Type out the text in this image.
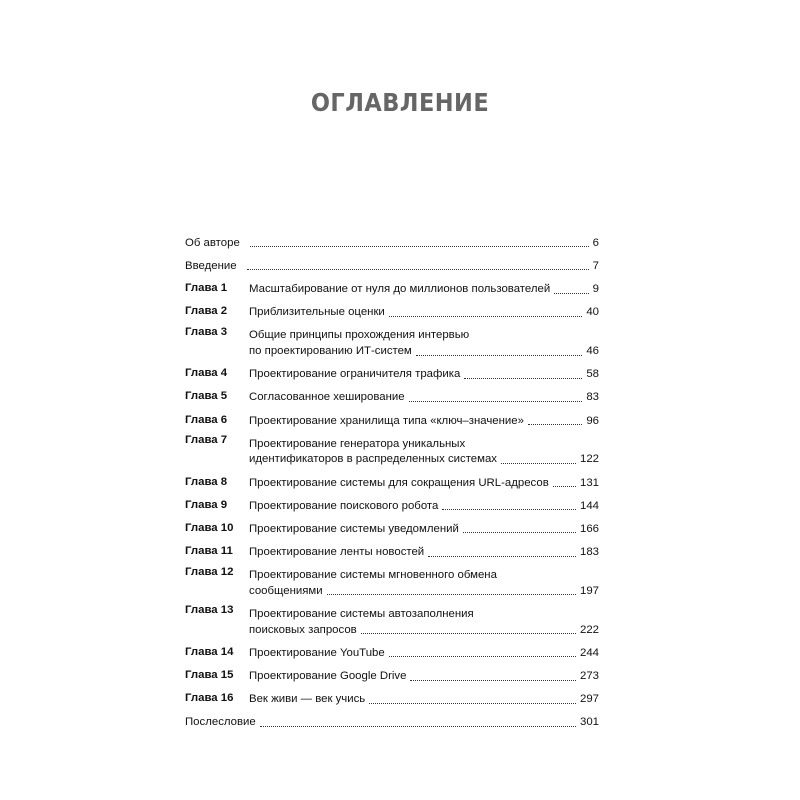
ОГЛАВЛЕНИЕ
Об авторе	6
Введение	7
Глава 1	Масштабирование от нуля до миллионов пользователей	9
Глава 2	Приблизительные оценки	40
Глава 3	Общие принципы прохождения интервью
по проектированию ИТ-систем	46
Глава 4	Проектирование ограничителя трафика	58
Глава 5	Согласованное хеширование	83
Глава 6	Проектирование хранилища типа «ключ–значение»	96
Глава 7	Проектирование генератора уникальных
идентификаторов в распределенных системах	122
Глава 8	Проектирование системы для сокращения URL-адресов	131
Глава 9	Проектирование поискового робота	144
Глава 10	Проектирование системы уведомлений	166
Глава 11	Проектирование ленты новостей	183
Глава 12	Проектирование системы мгновенного обмена
сообщениями	197
Глава 13	Проектирование системы автозаполнения
поисковых запросов	222
Глава 14	Проектирование YouTube	244
Глава 15	Проектирование Google Drive	273
Глава 16	Век живи — век учись	297
Послесловие	301
